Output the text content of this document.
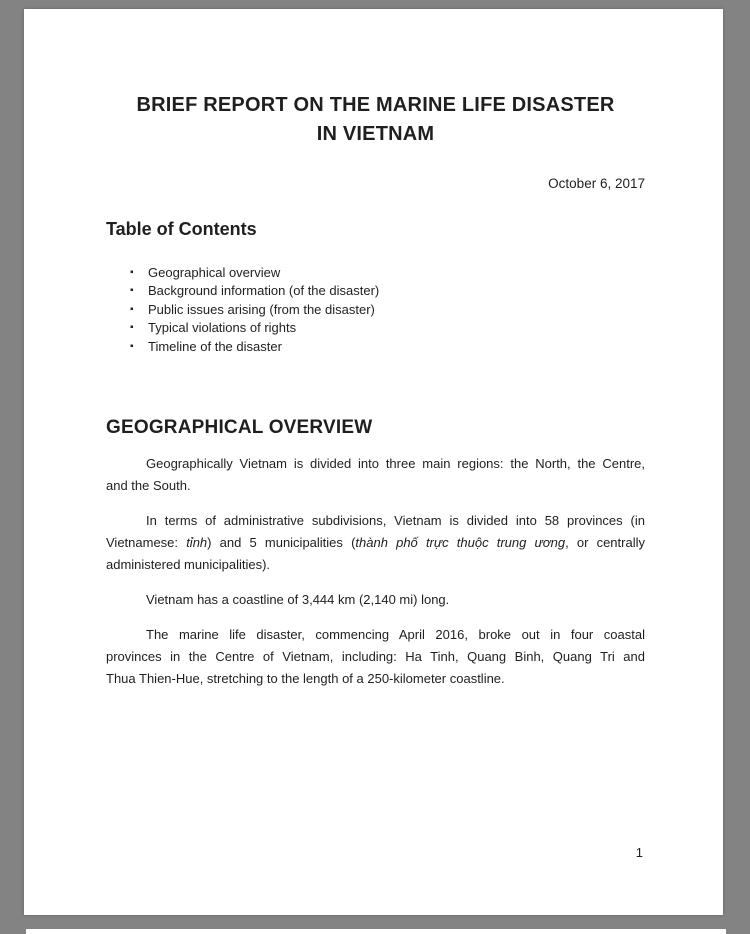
BRIEF REPORT ON THE MARINE LIFE DISASTER
IN VIETNAM
October 6, 2017
Table of Contents
▪	Geographical overview
▪	Background information (of the disaster)
▪	Public issues arising (from the disaster)
▪	Typical violations of rights
▪	Timeline of the disaster
GEOGRAPHICAL OVERVIEW
Geographically Vietnam is divided into three main regions: the North, the Centre,
and the South.
In terms of administrative subdivisions, Vietnam is divided into 58 provinces (in
Vietnamese: tỉnh) and 5 municipalities (thành phố trực thuộc trung ương, or centrally
administered municipalities).
Vietnam has a coastline of 3,444 km (2,140 mi) long.
The marine life disaster, commencing April 2016, broke out in four coastal
provinces in the Centre of Vietnam, including: Ha Tinh, Quang Binh, Quang Tri and
Thua Thien-Hue, stretching to the length of a 250-kilometer coastline.
1
